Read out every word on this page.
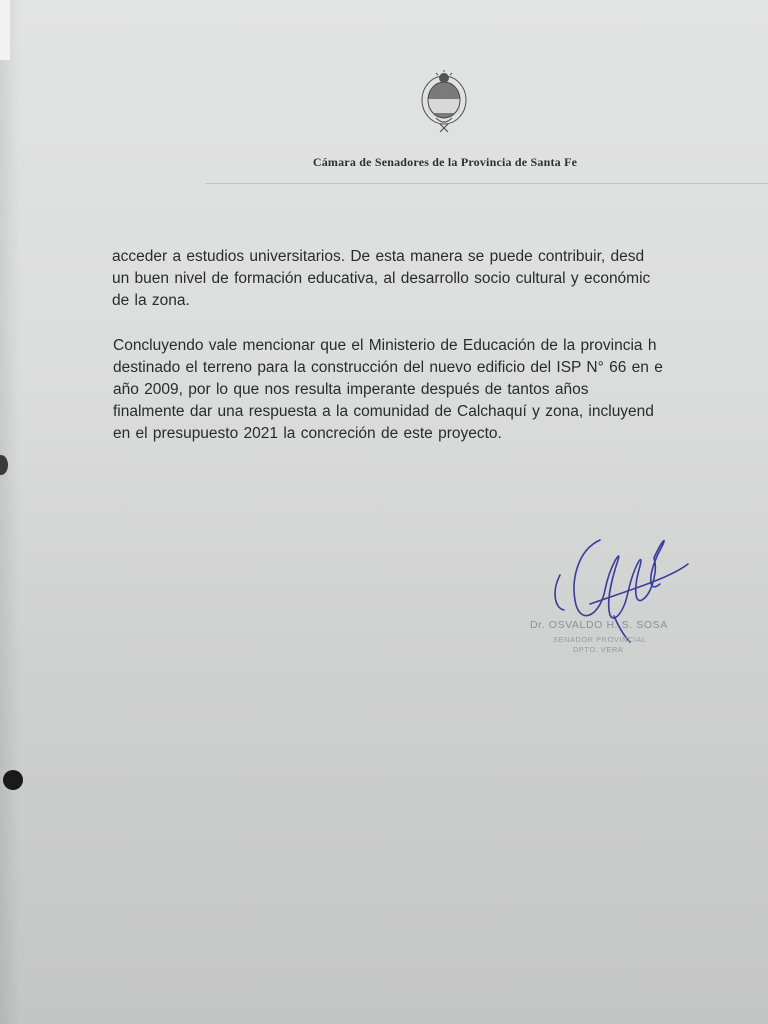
Cámara de Senadores de la Provincia de Santa Fe

acceder a estudios universitarios. De esta manera se puede contribuir, desd
un buen nivel de formación educativa, al desarrollo socio cultural y económic
de la zona.

Concluyendo vale mencionar que el Ministerio de Educación de la provincia h
destinado el terreno para la construcción del nuevo edificio del ISP N° 66 en e
año 2009, por lo que nos resulta imperante después de tantos años
finalmente dar una respuesta a la comunidad de Calchaquí y zona, incluyend
en el presupuesto 2021 la concreción de este proyecto.

Dr. OSVALDO H. S. SOSA
SENADOR PROVINCIAL
DPTO. VERA
